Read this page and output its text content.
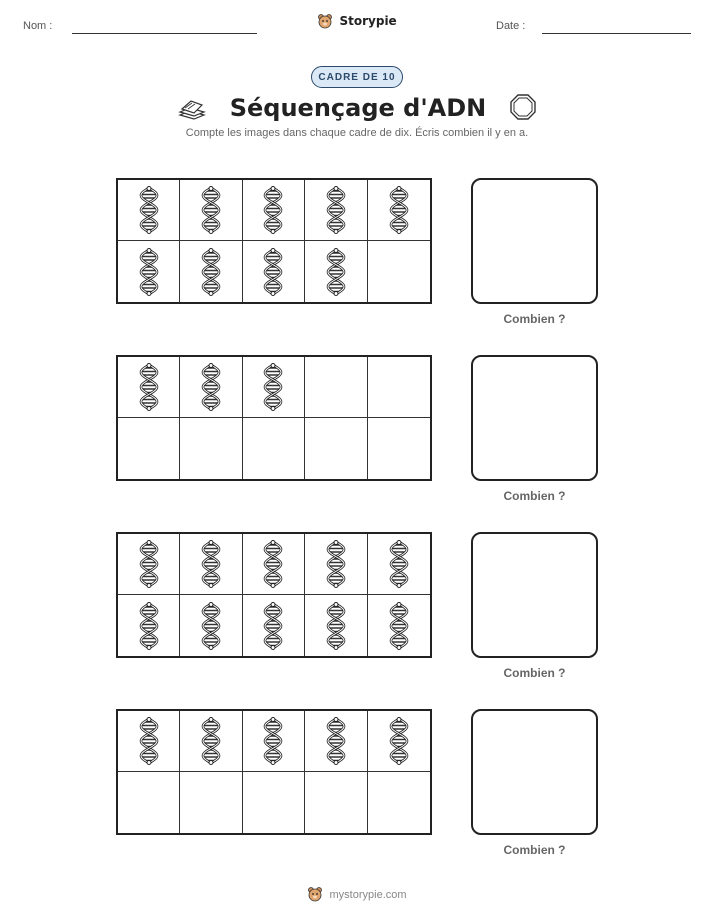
Nom :	Storypie	Date :
CADRE DE 10
Séquençage d'ADN
Compte les images dans chaque cadre de dix. Écris combien il y en a.
Combien ?
Combien ?
Combien ?
Combien ?
mystorypie.com
